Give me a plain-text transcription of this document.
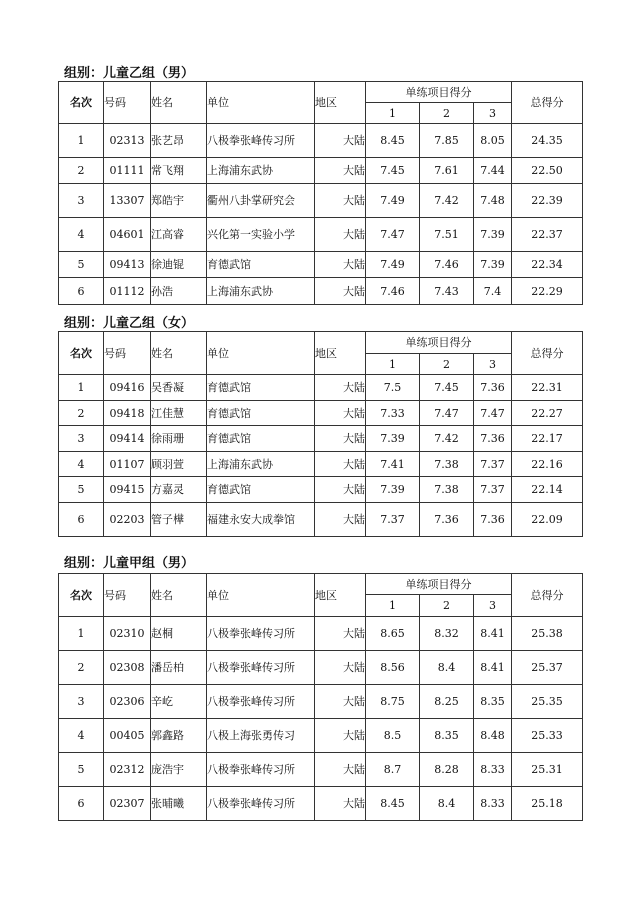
组别：儿童乙组（男）
名次	号码	姓名	单位	地区	单练项目得分			总得分
					1	2	3	
1	02313	张艺昂	八极拳张峰传习所	大陆	8.45	7.85	8.05	24.35
2	01111	常飞翔	上海浦东武协	大陆	7.45	7.61	7.44	22.50
3	13307	郑皓宇	衢州八卦掌研究会	大陆	7.49	7.42	7.48	22.39
4	04601	江高睿	兴化第一实验小学	大陆	7.47	7.51	7.39	22.37
5	09413	徐迪锟	育德武馆	大陆	7.49	7.46	7.39	22.34
6	01112	孙浩	上海浦东武协	大陆	7.46	7.43	7.4	22.29
组别：儿童乙组（女）
名次	号码	姓名	单位	地区	单练项目得分			总得分
					1	2	3	
1	09416	吴香凝	育德武馆	大陆	7.5	7.45	7.36	22.31
2	09418	江佳慧	育德武馆	大陆	7.33	7.47	7.47	22.27
3	09414	徐雨珊	育德武馆	大陆	7.39	7.42	7.36	22.17
4	01107	顾羽萱	上海浦东武协	大陆	7.41	7.38	7.37	22.16
5	09415	方嘉灵	育德武馆	大陆	7.39	7.38	7.37	22.14
6	02203	管子樺	福建永安大成拳馆	大陆	7.37	7.36	7.36	22.09
组别：儿童甲组（男）
名次	号码	姓名	单位	地区	单练项目得分			总得分
					1	2	3	
1	02310	赵桐	八极拳张峰传习所	大陆	8.65	8.32	8.41	25.38
2	02308	潘岳柏	八极拳张峰传习所	大陆	8.56	8.4	8.41	25.37
3	02306	辛屹	八极拳张峰传习所	大陆	8.75	8.25	8.35	25.35
4	00405	郭鑫路	八极上海张勇传习	大陆	8.5	8.35	8.48	25.33
5	02312	庞浩宇	八极拳张峰传习所	大陆	8.7	8.28	8.33	25.31
6	02307	张晡曦	八极拳张峰传习所	大陆	8.45	8.4	8.33	25.18
